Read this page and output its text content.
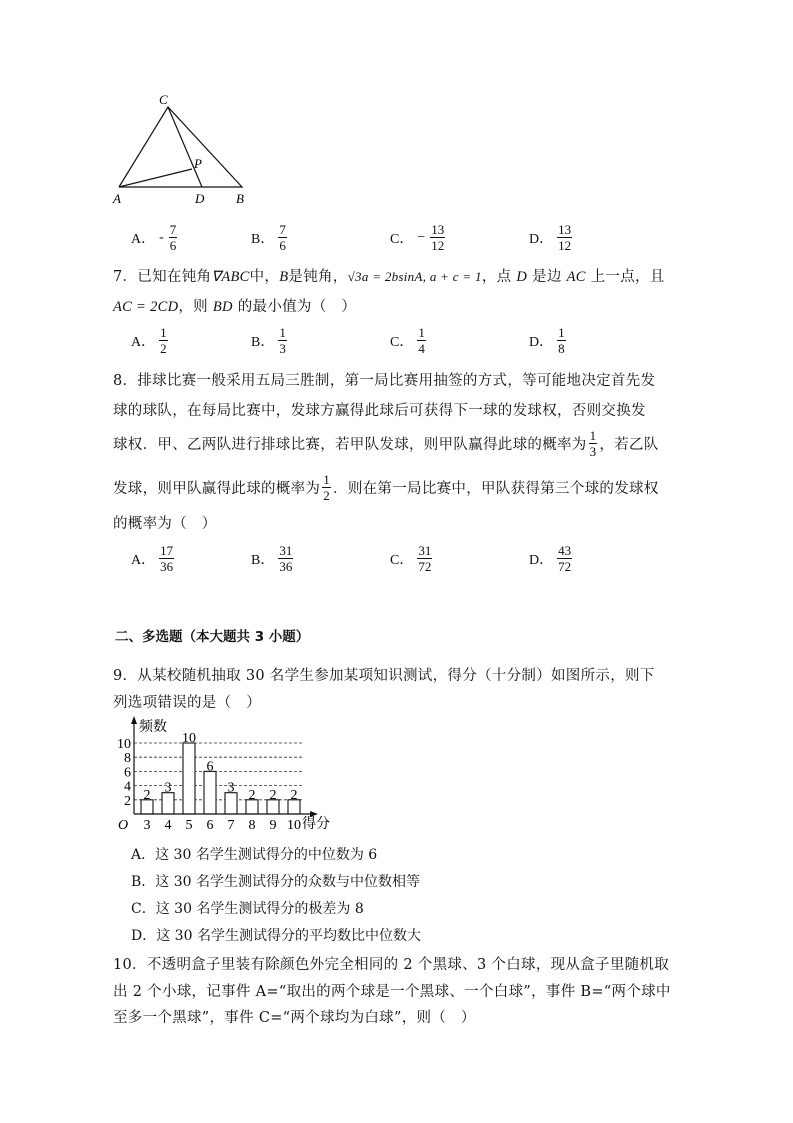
C
P
A	D B
A． - $\frac{7}{6}$	B． $\frac{7}{6}$	C． − $\frac{13}{12}$	D． $\frac{13}{12}$
7．已知在钝角∇ABC中，B是钝角，√3a = 2bsinA, a + c = 1，点 D 是边 AC 上一点，且
AC = 2CD，则 BD 的最小值为（　）
A． $\frac{1}{2}$	B． $\frac{1}{3}$	C． $\frac{1}{4}$	D． $\frac{1}{8}$
8．排球比赛一般采用五局三胜制，第一局比赛用抽签的方式，等可能地决定首先发
球的球队，在每局比赛中，发球方赢得此球后可获得下一球的发球权，否则交换发
球权．甲、乙两队进行排球比赛，若甲队发球，则甲队赢得此球的概率为 $\frac{1}{3}$ ，若乙队
发球，则甲队赢得此球的概率为 $\frac{1}{2}$ ．则在第一局比赛中，甲队获得第三个球的发球权
的概率为（　）
A． $\frac{17}{36}$	B． $\frac{31}{36}$	C． $\frac{31}{72}$	D． $\frac{43}{72}$
二、多选题（本大题共 3 小题）
9．从某校随机抽取 30 名学生参加某项知识测试，得分（十分制）如图所示，则下
列选项错误的是（　）
频数
得分
O
2
4
6
8
10
2
3
3
4
10
5
6
6
3
7
2
8
2
9
2
10
A．这 30 名学生测试得分的中位数为 6
B．这 30 名学生测试得分的众数与中位数相等
C．这 30 名学生测试得分的极差为 8
D．这 30 名学生测试得分的平均数比中位数大
10．不透明盒子里装有除颜色外完全相同的 2 个黑球、3 个白球，现从盒子里随机取
出 2 个小球，记事件 A=“取出的两个球是一个黑球、一个白球”，事件 B=“两个球中
至多一个黑球”，事件 C=“两个球均为白球”，则（　）
